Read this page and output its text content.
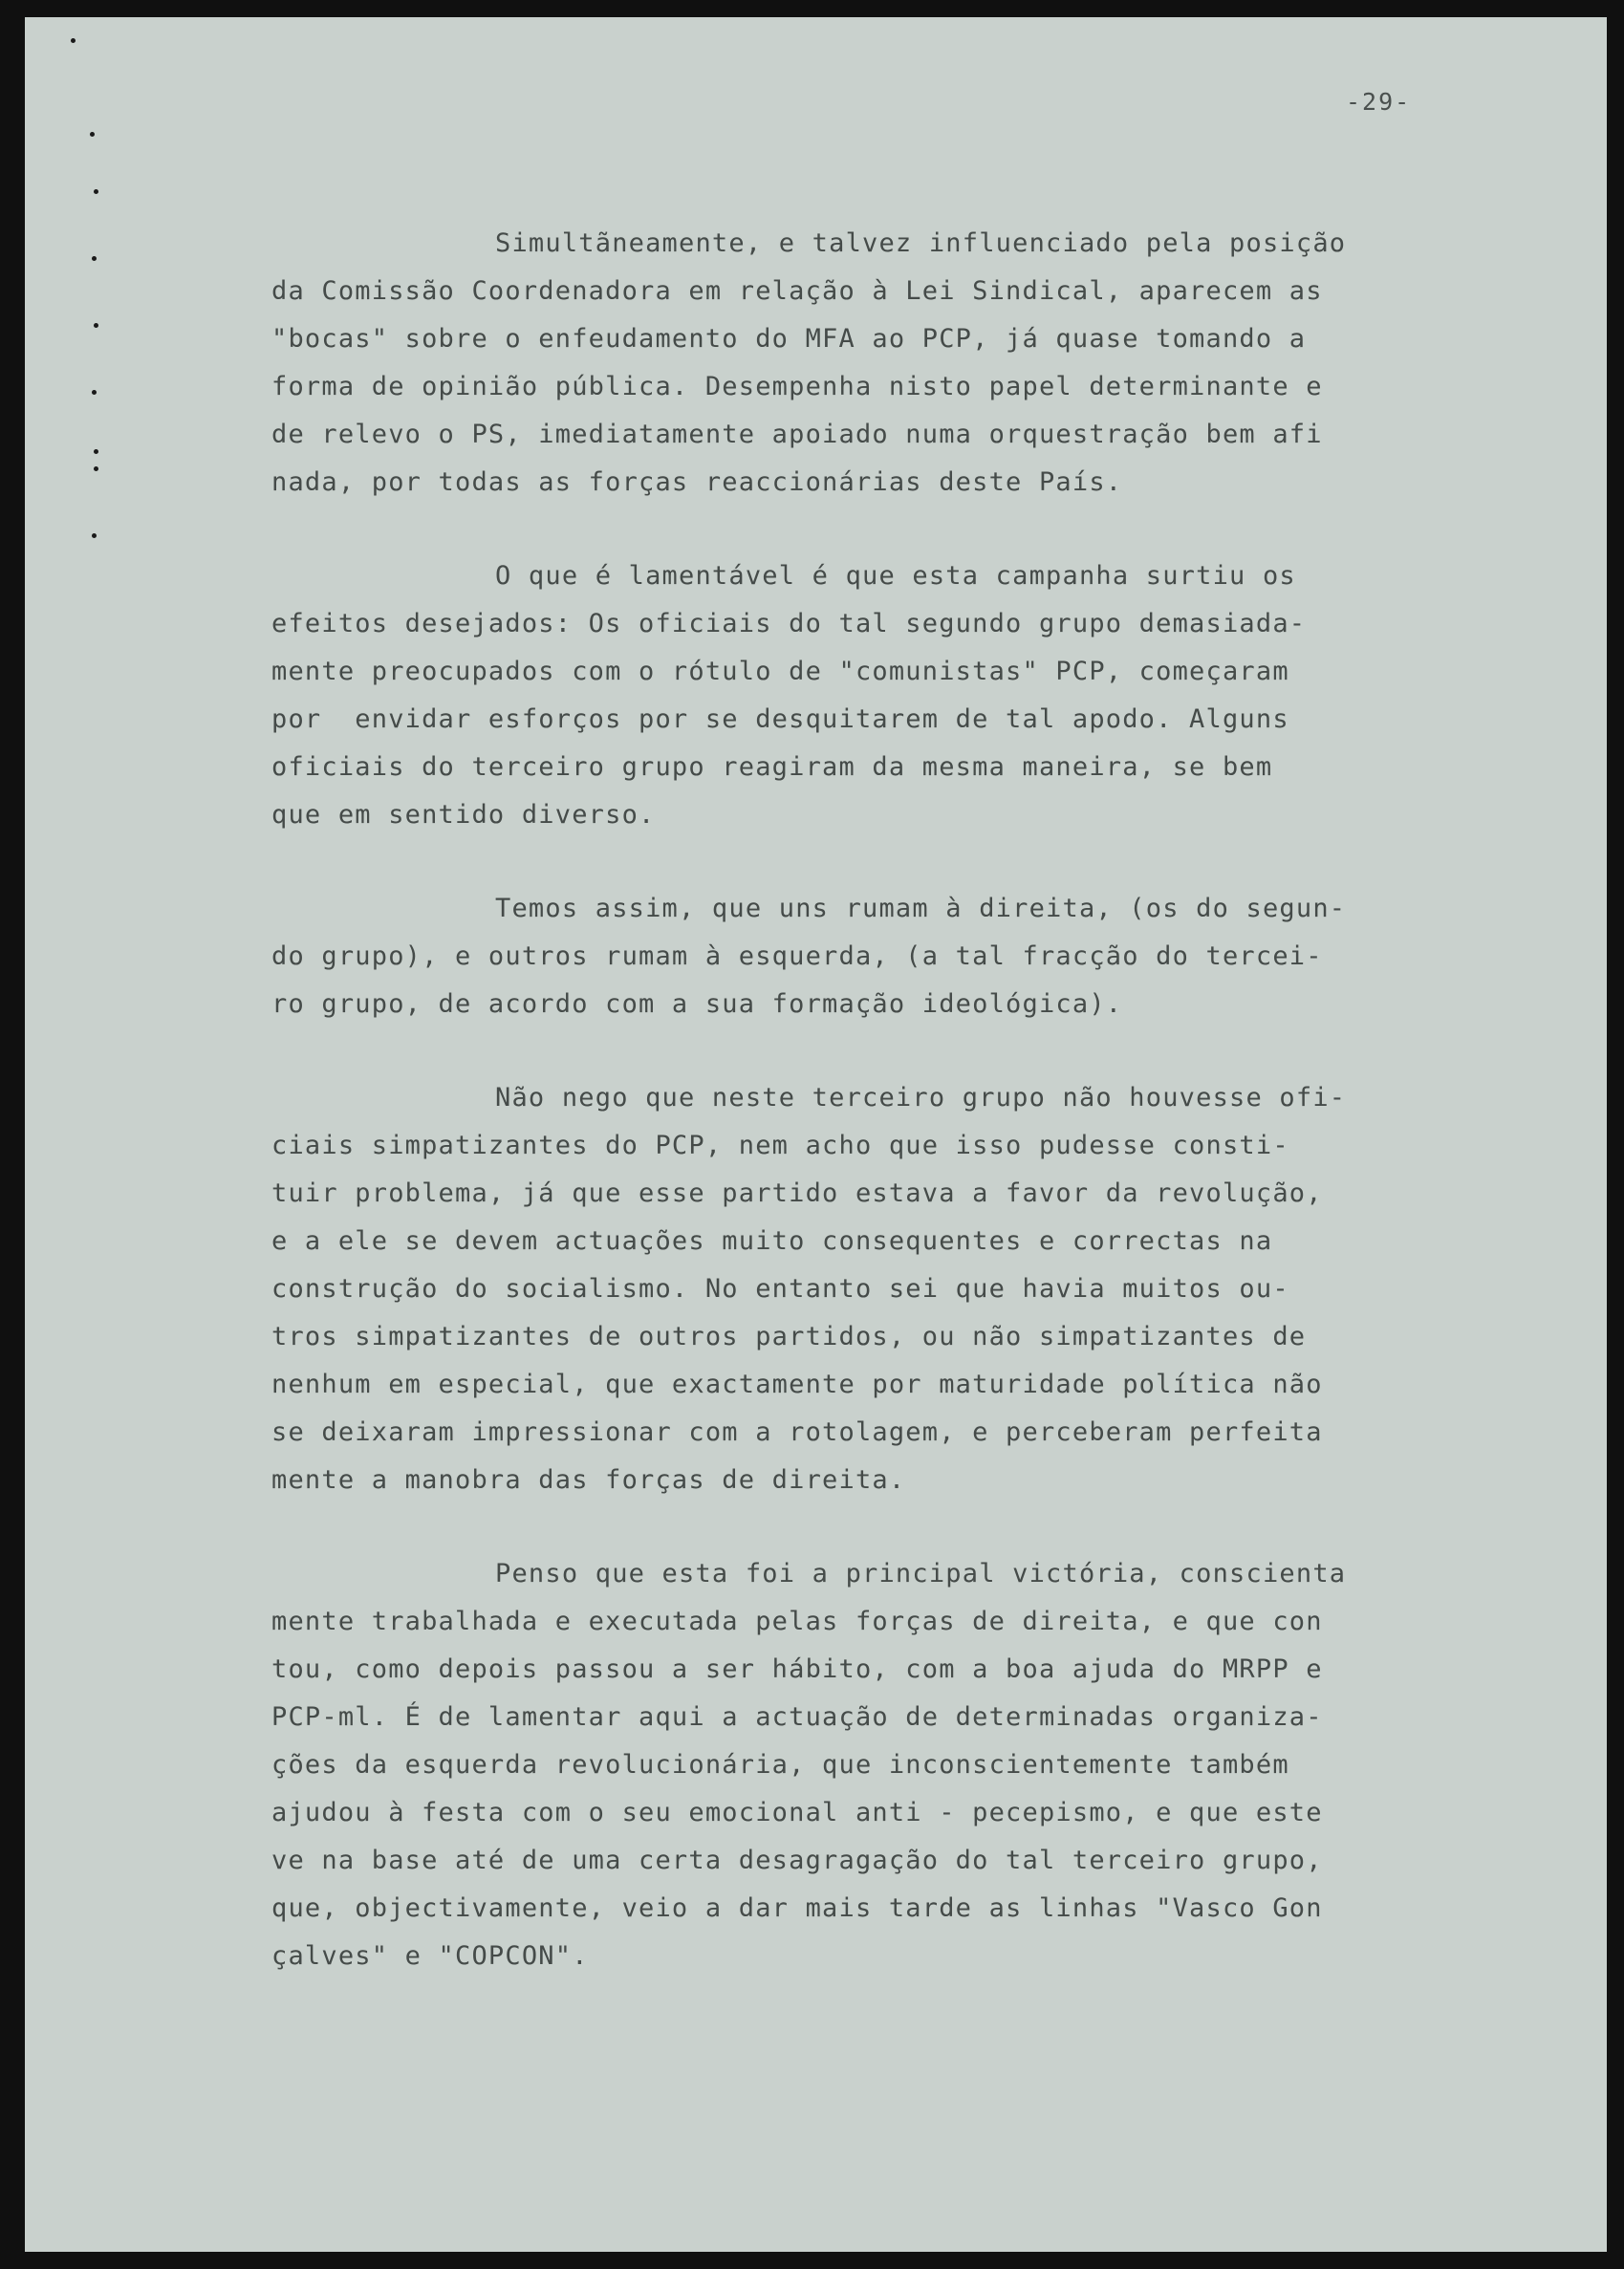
-29-
Simultãneamente, e talvez influenciado pela posição
da Comissão Coordenadora em relação à Lei Sindical, aparecem as
"bocas" sobre o enfeudamento do MFA ao PCP, já quase tomando a
forma de opinião pública. Desempenha nisto papel determinante e
de relevo o PS, imediatamente apoiado numa orquestração bem afi
nada, por todas as forças reaccionárias deste País.
O que é lamentável é que esta campanha surtiu os
efeitos desejados: Os oficiais do tal segundo grupo demasiada-
mente preocupados com o rótulo de "comunistas" PCP, começaram
por  envidar esforços por se desquitarem de tal apodo. Alguns
oficiais do terceiro grupo reagiram da mesma maneira, se bem
que em sentido diverso.
Temos assim, que uns rumam à direita, (os do segun-
do grupo), e outros rumam à esquerda, (a tal fracção do tercei-
ro grupo, de acordo com a sua formação ideológica).
Não nego que neste terceiro grupo não houvesse ofi-
ciais simpatizantes do PCP, nem acho que isso pudesse consti-
tuir problema, já que esse partido estava a favor da revolução,
e a ele se devem actuações muito consequentes e correctas na
construção do socialismo. No entanto sei que havia muitos ou-
tros simpatizantes de outros partidos, ou não simpatizantes de
nenhum em especial, que exactamente por maturidade política não
se deixaram impressionar com a rotolagem, e perceberam perfeita
mente a manobra das forças de direita.
Penso que esta foi a principal victória, conscienta
mente trabalhada e executada pelas forças de direita, e que con
tou, como depois passou a ser hábito, com a boa ajuda do MRPP e
PCP-ml. É de lamentar aqui a actuação de determinadas organiza-
ções da esquerda revolucionária, que inconscientemente também
ajudou à festa com o seu emocional anti - pecepismo, e que este
ve na base até de uma certa desagragação do tal terceiro grupo,
que, objectivamente, veio a dar mais tarde as linhas "Vasco Gon
çalves" e "COPCON".
